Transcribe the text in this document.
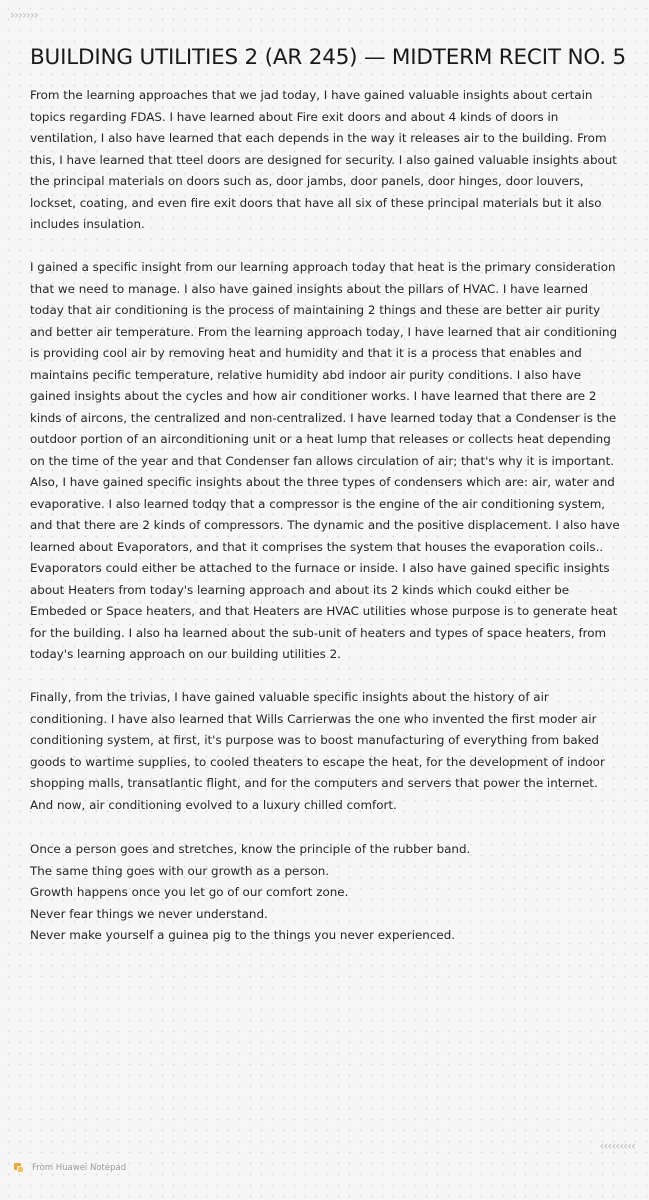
›››››››
BUILDING UTILITIES 2 (AR 245) — MIDTERM RECIT NO. 5

From the learning approaches that we jad today, I have gained valuable insights about certain topics regarding FDAS. I have learned about Fire exit doors and about 4 kinds of doors in ventilation, I also have learned that each depends in the way it releases air to the building. From this, I have learned that tteel doors are designed for security. I also gained valuable insights about the principal materials on doors such as, door jambs, door panels, door hinges, door louvers, lockset, coating, and even fire exit doors that have all six of these principal materials but it also includes insulation.

I gained a specific insight from our learning approach today that heat is the primary consideration that we need to manage. I also have gained insights about the pillars of HVAC. I have learned today that air conditioning is the process of maintaining 2 things and these are better air purity and better air temperature. From the learning approach today, I have learned that air conditioning is providing cool air by removing heat and humidity and that it is a process that enables and maintains pecific temperature, relative humidity abd indoor air purity conditions. I also have gained insights about the cycles and how air conditioner works. I have learned that there are 2 kinds of aircons, the centralized and non-centralized. I have learned today that a Condenser is the outdoor portion of an airconditioning unit or a heat lump that releases or collects heat depending on the time of the year and that Condenser fan allows circulation of air; that's why it is important. Also, I have gained specific insights about the three types of condensers which are: air, water and evaporative. I also learned todqy that a compressor is the engine of the air conditioning system, and that there are 2 kinds of compressors. The dynamic and the positive displacement. I also have learned about Evaporators, and that it comprises the system that houses the evaporation coils.. Evaporators could either be attached to the furnace or inside. I also have gained specific insights about Heaters from today's learning approach and about its 2 kinds which coukd either be Embeded or Space heaters, and that Heaters are HVAC utilities whose purpose is to generate heat for the building. I also ha learned about the sub-unit of heaters and types of space heaters, from today's learning approach on our building utilities 2.

Finally, from the trivias, I have gained valuable specific insights about the history of air conditioning. I have also learned that Wills Carrierwas the one who invented the first moder air conditioning system, at first, it's purpose was to boost manufacturing of everything from baked goods to wartime supplies, to cooled theaters to escape the heat, for the development of indoor shopping malls, transatlantic flight, and for the computers and servers that power the internet. And now, air conditioning evolved to a luxury chilled comfort.

Once a person goes and stretches, know the principle of the rubber band.
The same thing goes with our growth as a person.
Growth happens once you let go of our comfort zone.
Never fear things we never understand.
Never make yourself a guinea pig to the things you never experienced.
‹‹‹‹‹‹‹‹‹
From Huawei Notepad
